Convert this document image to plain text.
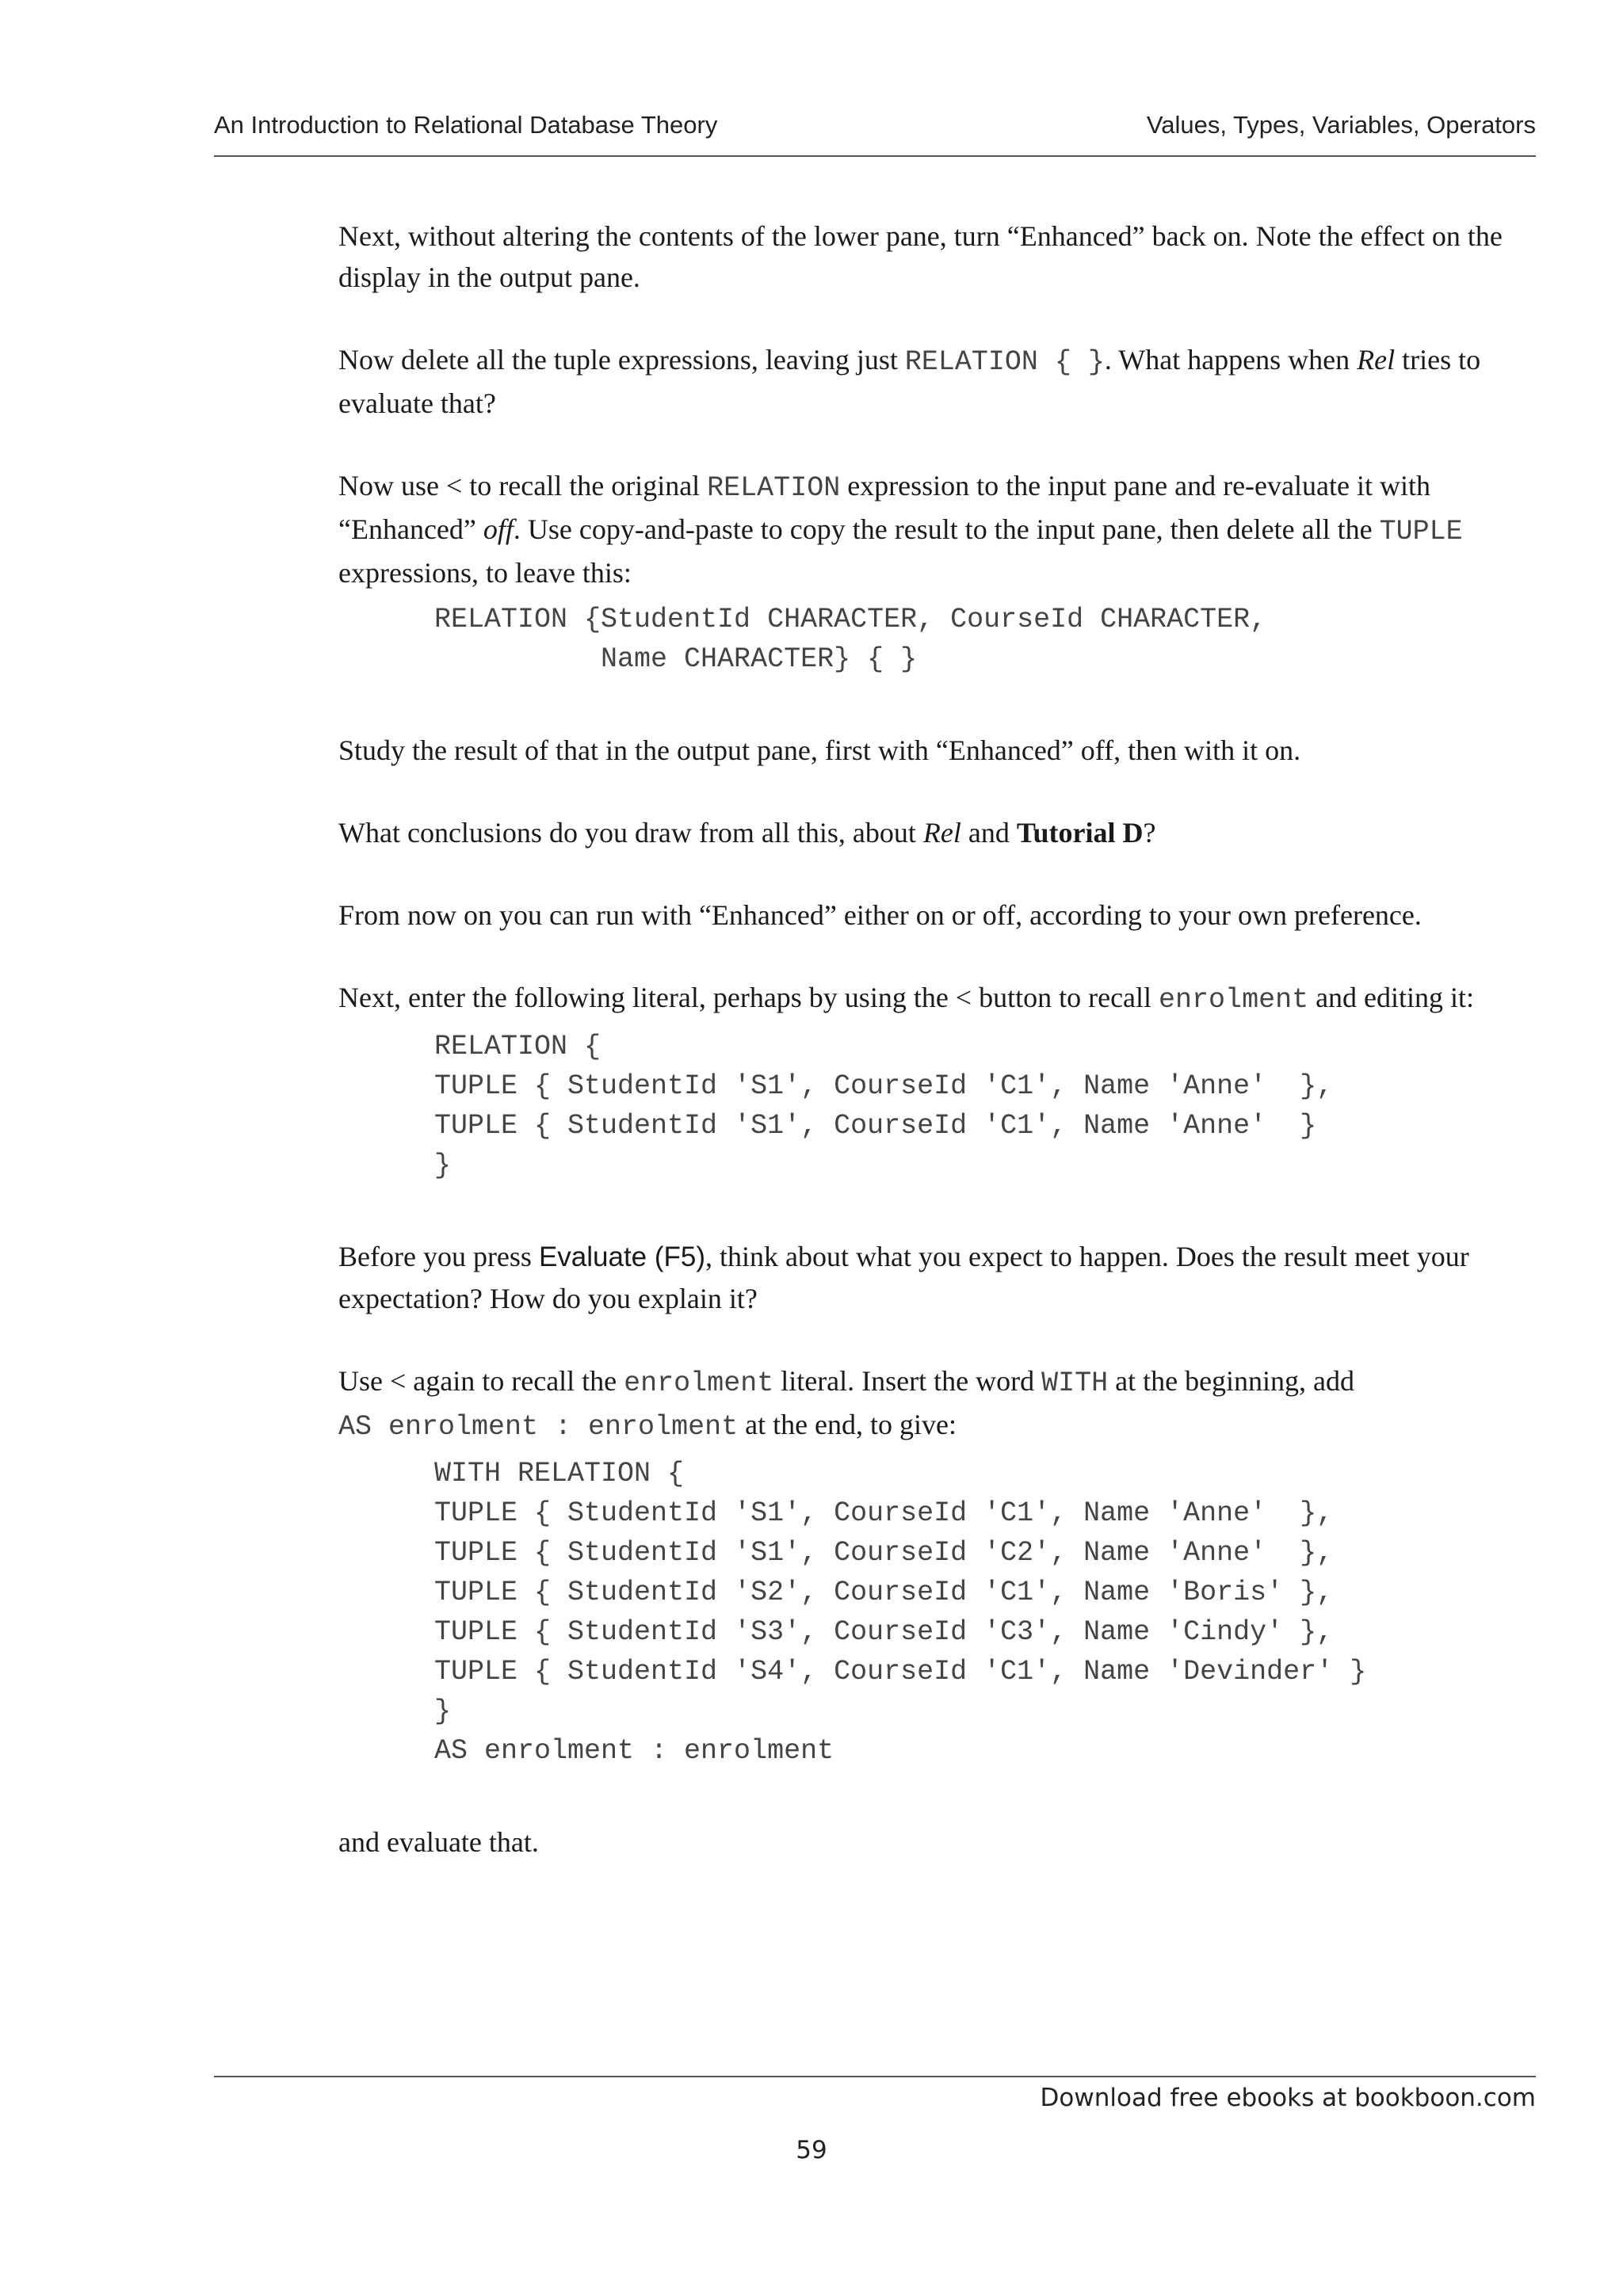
An Introduction to Relational Database Theory	Values, Types, Variables, Operators

Next, without altering the contents of the lower pane, turn “Enhanced” back on. Note the effect on the display in the output pane.

Now delete all the tuple expressions, leaving just RELATION { }. What happens when Rel tries to evaluate that?

Now use < to recall the original RELATION expression to the input pane and re-evaluate it with “Enhanced” off. Use copy-and-paste to copy the result to the input pane, then delete all the TUPLE expressions, to leave this:

RELATION {StudentId CHARACTER, CourseId CHARACTER,
Name CHARACTER} { }

Study the result of that in the output pane, first with “Enhanced” off, then with it on.

What conclusions do you draw from all this, about Rel and Tutorial D?

From now on you can run with “Enhanced” either on or off, according to your own preference.

Next, enter the following literal, perhaps by using the < button to recall enrolment and editing it:

RELATION {
TUPLE { StudentId 'S1', CourseId 'C1', Name 'Anne'  },
TUPLE { StudentId 'S1', CourseId 'C1', Name 'Anne'  }
}

Before you press Evaluate (F5), think about what you expect to happen. Does the result meet your expectation? How do you explain it?

Use < again to recall the enrolment literal. Insert the word WITH at the beginning, add AS enrolment : enrolment at the end, to give:

WITH RELATION {
TUPLE { StudentId 'S1', CourseId 'C1', Name 'Anne'  },
TUPLE { StudentId 'S1', CourseId 'C2', Name 'Anne'  },
TUPLE { StudentId 'S2', CourseId 'C1', Name 'Boris' },
TUPLE { StudentId 'S3', CourseId 'C3', Name 'Cindy' },
TUPLE { StudentId 'S4', CourseId 'C1', Name 'Devinder' }
}
AS enrolment : enrolment

and evaluate that.

Download free ebooks at bookboon.com
59
